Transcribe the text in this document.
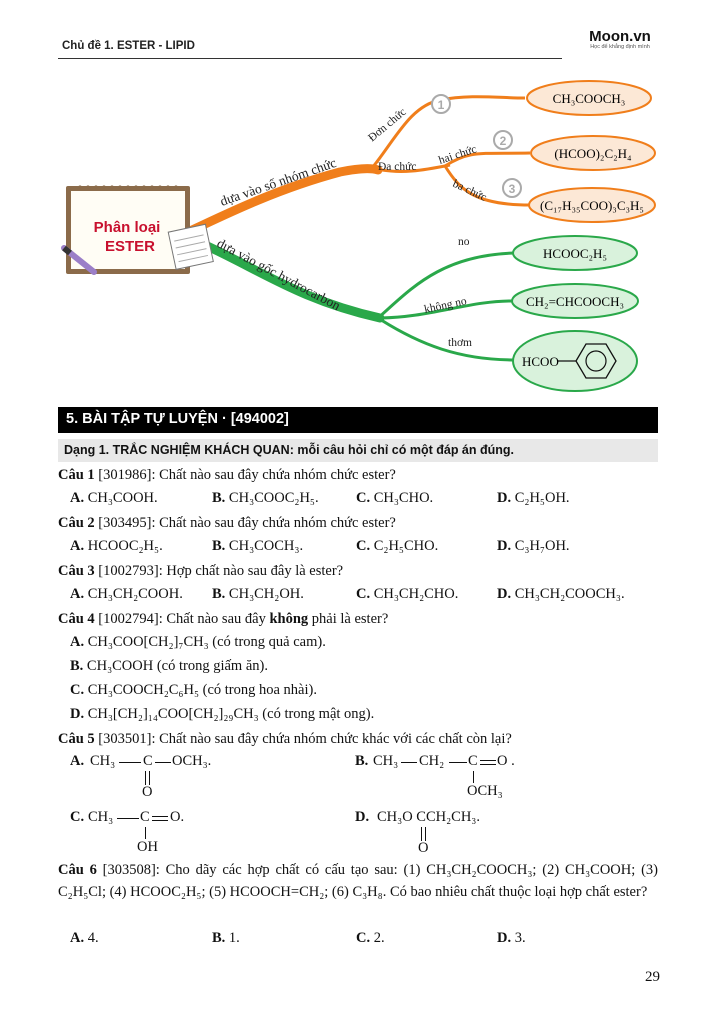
Chủ đề 1. ESTER - LIPID
Moon.vn
Học để khẳng định mình
Phân loại
ESTER
dựa vào số nhóm chức
Đơn chức
Đa chức
hai chức
ba chức
1
2
3
CH₃COOCH₃
(HCOO)₂C₂H₄
(C₁₇H₃₅COO)₃C₃H₅
dựa vào gốc hydrocarbon	no
không no
thơm
HCOOC₂H₅
CH₂=CHCOOCH₃
HCOO
5. BÀI TẬP TỰ LUYỆN · [494002]
Dạng 1. TRẮC NGHIỆM KHÁCH QUAN: mỗi câu hỏi chỉ có một đáp án đúng.
Câu 1 [301986]: Chất nào sau đây chứa nhóm chức ester?
A. CH₃COOH.	B. CH₃COOC₂H₅.	C. CH₃CHO.	D. C₂H₅OH.
Câu 2 [303495]: Chất nào sau đây chứa nhóm chức ester?
A. HCOOC₂H₅.	B. CH₃COCH₃.	C. C₂H₅CHO.	D. C₃H₇OH.
Câu 3 [1002793]: Hợp chất nào sau đây là ester?
A. CH₃CH₂COOH. B. CH₃CH₂OH.	C. CH₃CH₂CHO.	D. CH₃CH₂COOCH₃.
Câu 4 [1002794]: Chất nào sau đây không phải là ester?
A. CH₃COO[CH₂]₇CH₃ (có trong quả cam).
B. CH₃COOH (có trong giấm ăn).
C. CH₃COOCH₂C₆H₅ (có trong hoa nhài).
D. CH₃[CH₂]₁₄COO[CH₂]₂₉CH₃ (có trong mật ong).
Câu 5 [303501]: Chất nào sau đây chứa nhóm chức khác với các chất còn lại?
A. CH₃ C OCH₃.
O
B. CH₃ CH₂ C O .
OCH₃
C. CH₃ C O.
OH
D. CH₃O CCH₂CH₃.
O
Câu 6 [303508]: Cho dãy các hợp chất có cấu tạo sau: (1) CH₃CH₂COOCH₃; (2) CH₃COOH; (3) C₂H₅Cl; (4) HCOOC₂H₅; (5) HCOOCH=CH₂; (6) C₃H₈. Có bao nhiêu chất thuộc loại hợp chất ester?
A. 4.	B. 1.	C. 2.	D. 3.
29
